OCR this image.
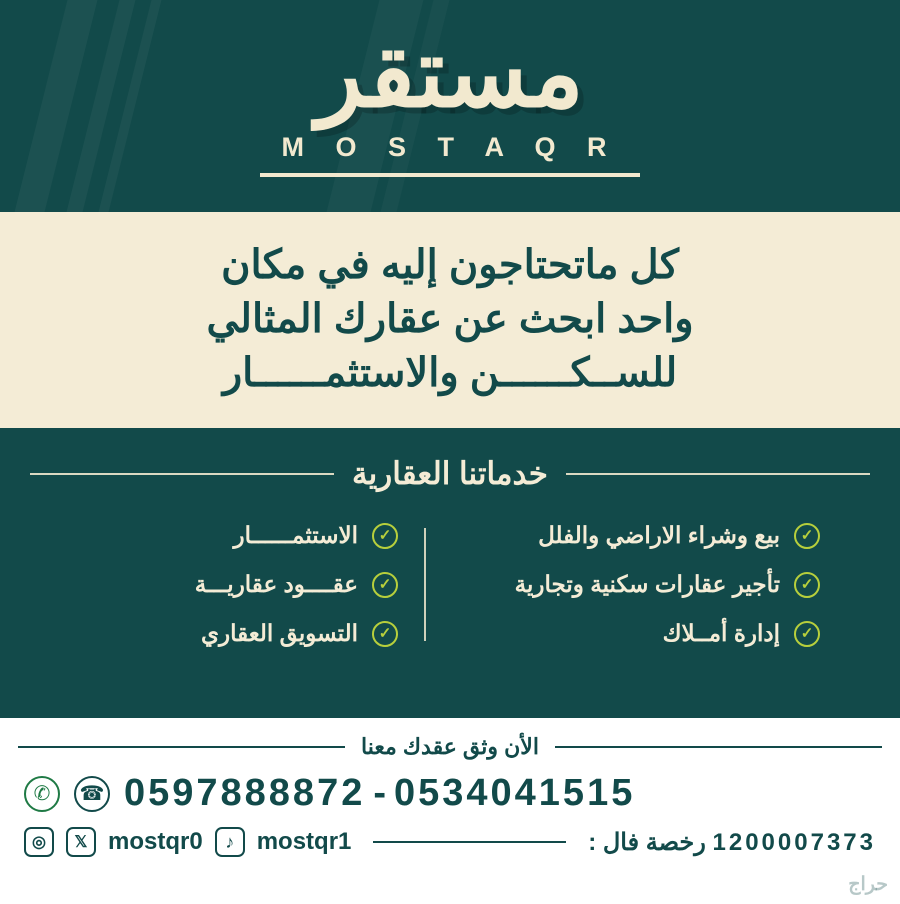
مستقر
M O S T A Q R
كل ماتحتاجون إليه في مكان
واحد ابحث عن عقارك المثالي
للســكــــــن والاستثمــــــار
خدماتنا العقارية
✓
بيع وشراء الاراضي والفلل
✓
تأجير عقارات سكنية وتجارية
✓
إدارة أمــلاك
✓
الاستثمــــــار
✓
عقــــود عقاريـــة
✓
التسويق العقاري
الأن وثق عقدك معنا
✆	☎ 0597888872 - 0534041515
◎	𝕏 mostqr0	♪ mostqr1	1200007373 رخصة فال :
حراج
